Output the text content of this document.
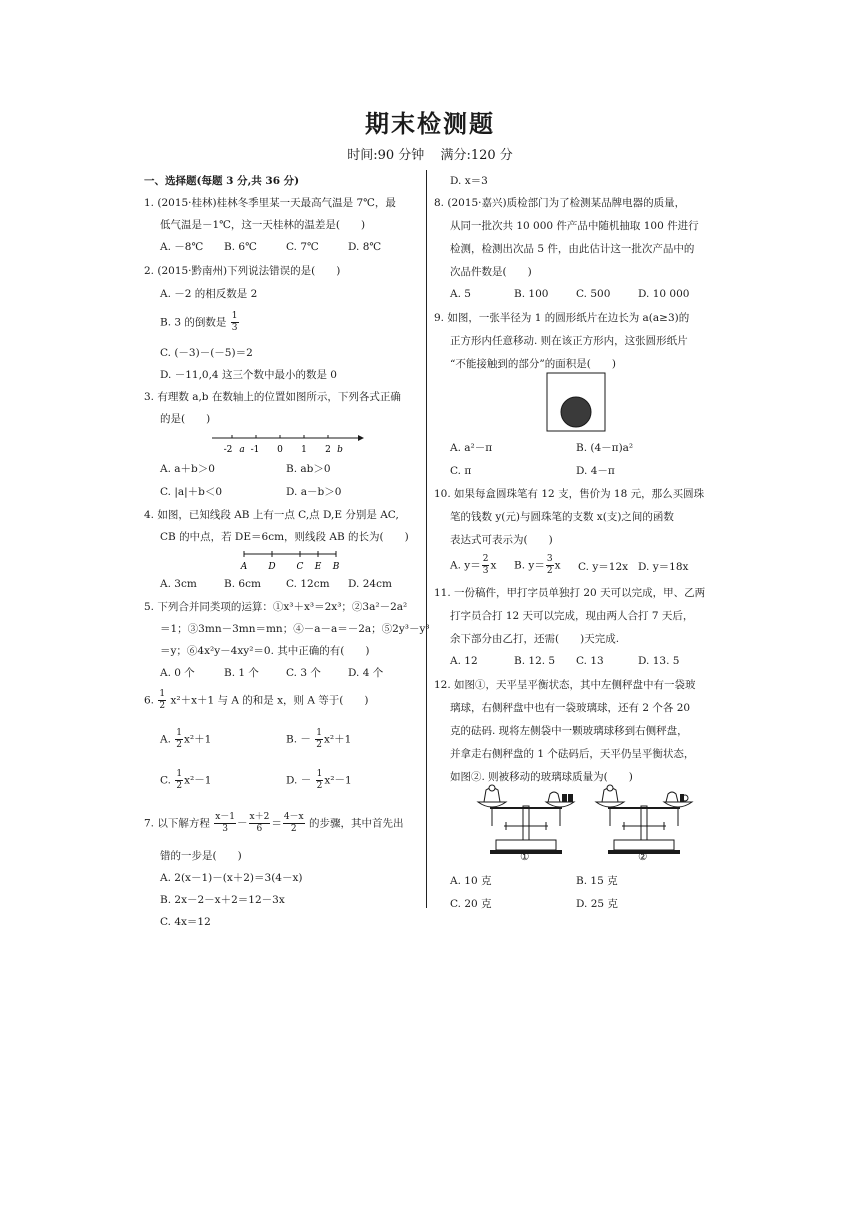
期末检测题
时间:90 分钟 满分:120 分
一、选择题(每题 3 分,共 36 分)
1. (2015·桂林)桂林冬季里某一天最高气温是 7℃，最
低气温是－1℃，这一天桂林的温差是(　　)
A. －8℃ B. 6℃	C. 7℃	D. 8℃
2. (2015·黔南州)下列说法错误的是(　　)
A. －2 的相反数是 2
B. 3 的倒数是 $\frac{1}{3}$
C. (－3)－(－5)＝2
D. －11,0,4 这三个数中最小的数是 0
3. 有理数 a,b 在数轴上的位置如图所示，下列各式正确
的是(　　)
-2 a -1 0 1 2 b
A. a＋b＞0	B. ab＞0
C. |a|＋b＜0	D. a－b＞0
4. 如图，已知线段 AB 上有一点 C,点 D,E 分别是 AC,
CB 的中点，若 DE＝6cm，则线段 AB 的长为(　　)
A D C E B
A. 3cm	B. 6cm C. 12cm D. 24cm
5. 下列合并同类项的运算：①x³＋x³＝2x³；②3a²－2a²
＝1；③3mn－3mn＝mn；④－a－a＝－2a；⑤2y³－y³
＝y；⑥4x²y－4xy²＝0. 其中正确的有(　　)
A. 0 个	B. 1 个	C. 3 个	D. 4 个
6. $\frac{1}{2} x^2+x+1$ 与 A 的和是 x，则 A 等于(　　)
A. $\frac{1}{2} x^2+1$	B. － $\frac{1}{2} x^2+1$
C. $\frac{1}{2} x^2-1$	D. － $\frac{1}{2} x^2-1$
7. 以下解方程 $\frac{x-1}{3} - \frac{x+2}{6} = \frac{4-x}{2}$ 的步骤，其中首先出
错的一步是(　　)
A. 2(x－1)－(x＋2)＝3(4－x)
B. 2x－2－x＋2＝12－3x
C. 4x＝12
D. x＝3
8. (2015·嘉兴)质检部门为了检测某品牌电器的质量，
从同一批次共 10 000 件产品中随机抽取 100 件进行
检测，检测出次品 5 件，由此估计这一批次产品中的
次品件数是(　　)
A. 5	B. 100	C. 500	D. 10 000
9. 如图，一张半径为 1 的圆形纸片在边长为 a(a≥3)的
正方形内任意移动. 则在该正方形内，这张圆形纸片
“不能接触到的部分”的面积是(　　)
A. a²－π	B. (4－π)a²
C. π	D. 4－π
10. 如果每盒圆珠笔有 12 支，售价为 18 元，那么买圆珠
笔的钱数 y(元)与圆珠笔的支数 x(支)之间的函数
表达式可表示为(　　)
A. $y= \frac{2}{3}$ x B. $y= \frac{3}{2}$ x C. y＝12x D. y＝18x
11. 一份稿件，甲打字员单独打 20 天可以完成，甲、乙两
打字员合打 12 天可以完成，现由两人合打 7 天后，
余下部分由乙打，还需(　　)天完成.
A. 12	B. 12. 5 C. 13	D. 13. 5
12. 如图①，天平呈平衡状态，其中左侧秤盘中有一袋玻
璃球，右侧秤盘中也有一袋玻璃球，还有 2 个各 20
克的砝码. 现将左侧袋中一颗玻璃球移到右侧秤盘，
并拿走右侧秤盘的 1 个砝码后，天平仍呈平衡状态，
如图②. 则被移动的玻璃球质量为(　　)
①	②
A. 10 克	B. 15 克
C. 20 克	D. 25 克
